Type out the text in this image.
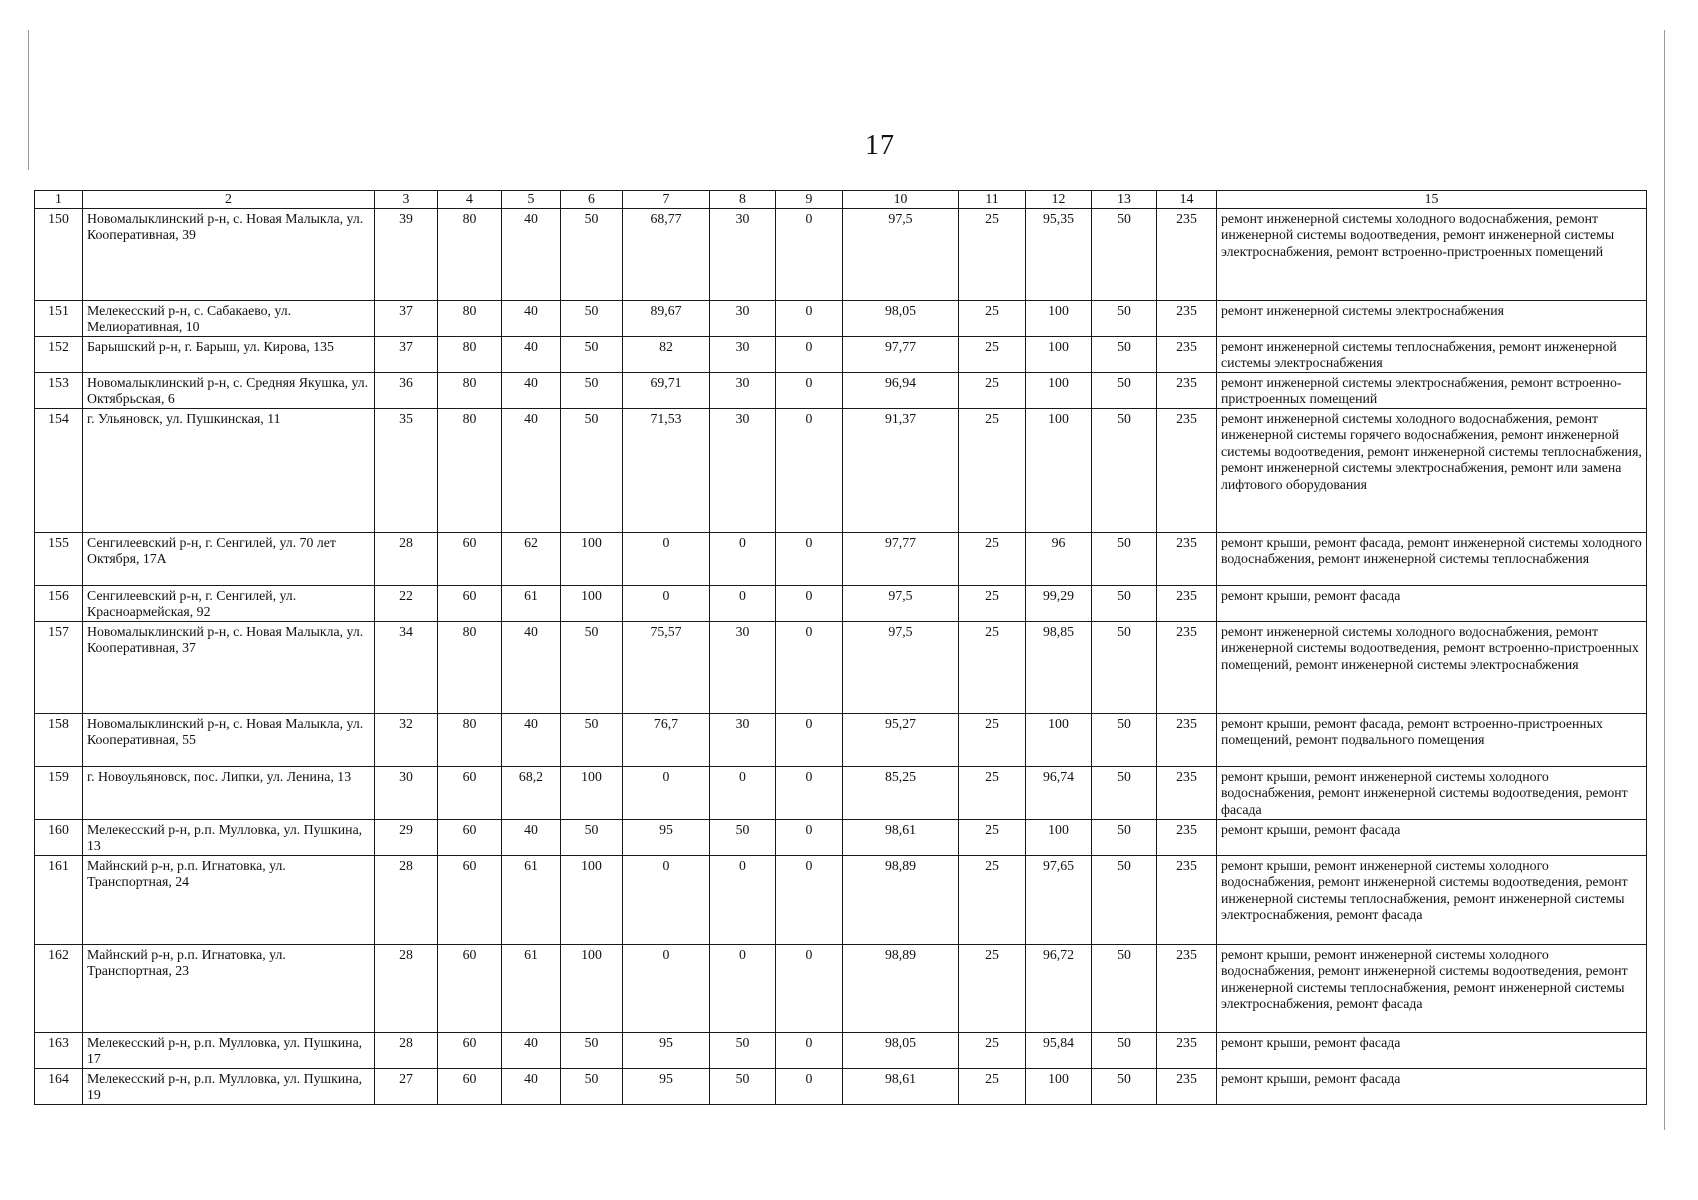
17
1	2	3	4	5	6	7	8	9	10	11	12	13	14	15
150	Новомалыклинский р-н, с. Новая Малыкла, ул. Кооперативная, 39	39	80	40	50	68,77	30	0	97,5	25	95,35	50	235	ремонт инженерной системы холодного водоснабжения, ремонт инженерной системы водоотведения, ремонт инженерной системы электроснабжения, ремонт встроенно-пристроенных помещений
151	Мелекесский р-н, с. Сабакаево, ул. Мелиоративная, 10	37	80	40	50	89,67	30	0	98,05	25	100	50	235	ремонт инженерной системы электроснабжения
152	Барышский р-н, г. Барыш, ул. Кирова, 135	37	80	40	50	82	30	0	97,77	25	100	50	235	ремонт инженерной системы теплоснабжения, ремонт инженерной системы электроснабжения
153	Новомалыклинский р-н, с. Средняя Якушка, ул. Октябрьская, 6	36	80	40	50	69,71	30	0	96,94	25	100	50	235	ремонт инженерной системы электроснабжения, ремонт встроенно-пристроенных помещений
154	г. Ульяновск, ул. Пушкинская, 11	35	80	40	50	71,53	30	0	91,37	25	100	50	235	ремонт инженерной системы холодного водоснабжения, ремонт инженерной системы горячего водоснабжения, ремонт инженерной системы водоотведения, ремонт инженерной системы теплоснабжения, ремонт инженерной системы электроснабжения, ремонт или замена лифтового оборудования
155	Сенгилеевский р-н, г. Сенгилей, ул. 70 лет Октября, 17А	28	60	62	100	0	0	0	97,77	25	96	50	235	ремонт крыши, ремонт фасада, ремонт инженерной системы холодного водоснабжения, ремонт инженерной системы теплоснабжения
156	Сенгилеевский р-н, г. Сенгилей, ул. Красноармейская, 92	22	60	61	100	0	0	0	97,5	25	99,29	50	235	ремонт крыши, ремонт фасада
157	Новомалыклинский р-н, с. Новая Малыкла, ул. Кооперативная, 37	34	80	40	50	75,57	30	0	97,5	25	98,85	50	235	ремонт инженерной системы холодного водоснабжения, ремонт инженерной системы водоотведения, ремонт встроенно-пристроенных помещений, ремонт инженерной системы электроснабжения
158	Новомалыклинский р-н, с. Новая Малыкла, ул. Кооперативная, 55	32	80	40	50	76,7	30	0	95,27	25	100	50	235	ремонт крыши, ремонт фасада, ремонт встроенно-пристроенных помещений, ремонт подвального помещения
159	г. Новоульяновск, пос. Липки, ул. Ленина, 13	30	60	68,2	100	0	0	0	85,25	25	96,74	50	235	ремонт крыши, ремонт инженерной системы холодного водоснабжения, ремонт инженерной системы водоотведения, ремонт фасада
160	Мелекесский р-н, р.п. Мулловка, ул. Пушкина, 13	29	60	40	50	95	50	0	98,61	25	100	50	235	ремонт крыши, ремонт фасада
161	Майнский р-н, р.п. Игнатовка, ул. Транспортная, 24	28	60	61	100	0	0	0	98,89	25	97,65	50	235	ремонт крыши, ремонт инженерной системы холодного водоснабжения, ремонт инженерной системы водоотведения, ремонт инженерной системы теплоснабжения, ремонт инженерной системы электроснабжения, ремонт фасада
162	Майнский р-н, р.п. Игнатовка, ул. Транспортная, 23	28	60	61	100	0	0	0	98,89	25	96,72	50	235	ремонт крыши, ремонт инженерной системы холодного водоснабжения, ремонт инженерной системы водоотведения, ремонт инженерной системы теплоснабжения, ремонт инженерной системы электроснабжения, ремонт фасада
163	Мелекесский р-н, р.п. Мулловка, ул. Пушкина, 17	28	60	40	50	95	50	0	98,05	25	95,84	50	235	ремонт крыши, ремонт фасада
164	Мелекесский р-н, р.п. Мулловка, ул. Пушкина, 19	27	60	40	50	95	50	0	98,61	25	100	50	235	ремонт крыши, ремонт фасада
